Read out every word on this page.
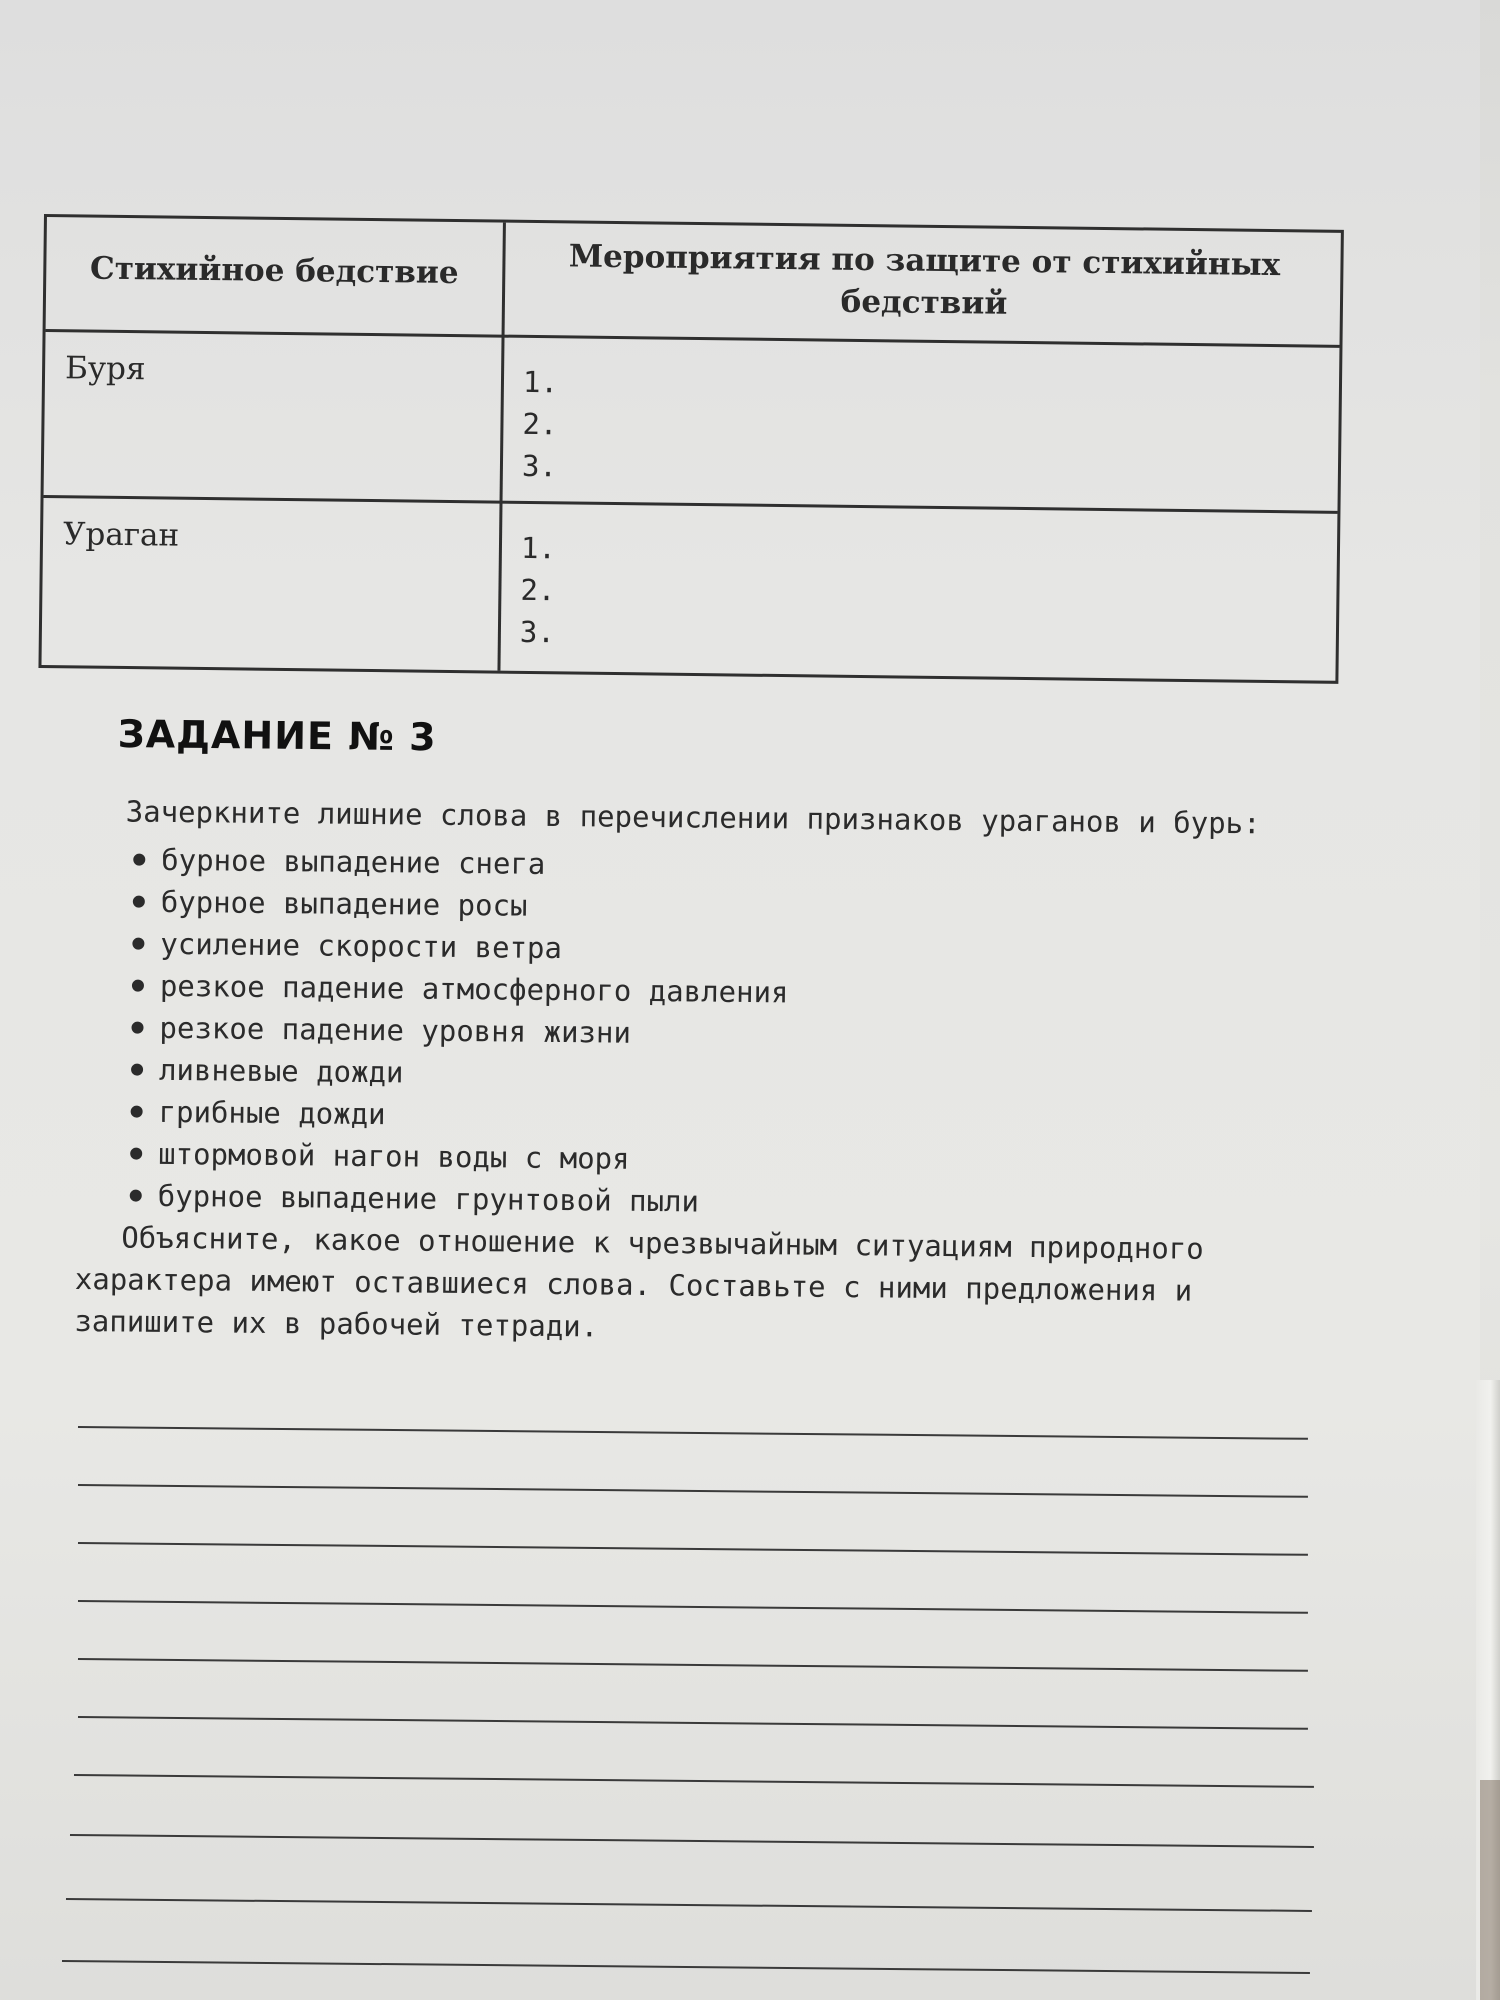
Стихийное бедствие	Мероприятия по защите от стихийных бедствий
Буря	1.
2.
3.
Ураган	1.
2.
3.
ЗАДАНИЕ № 3

Зачеркните лишние слова в перечислении признаков ураганов и бурь:

бурное выпадение снега
бурное выпадение росы
усиление скорости ветра
резкое падение атмосферного давления
резкое падение уровня жизни
ливневые дожди
грибные дожди
штормовой нагон воды с моря
бурное выпадение грунтовой пыли

Объясните, какое отношение к чрезвычайным ситуациям природного характера имеют оставшиеся слова. Составьте с ними предложения и запишите их в рабочей тетради.
